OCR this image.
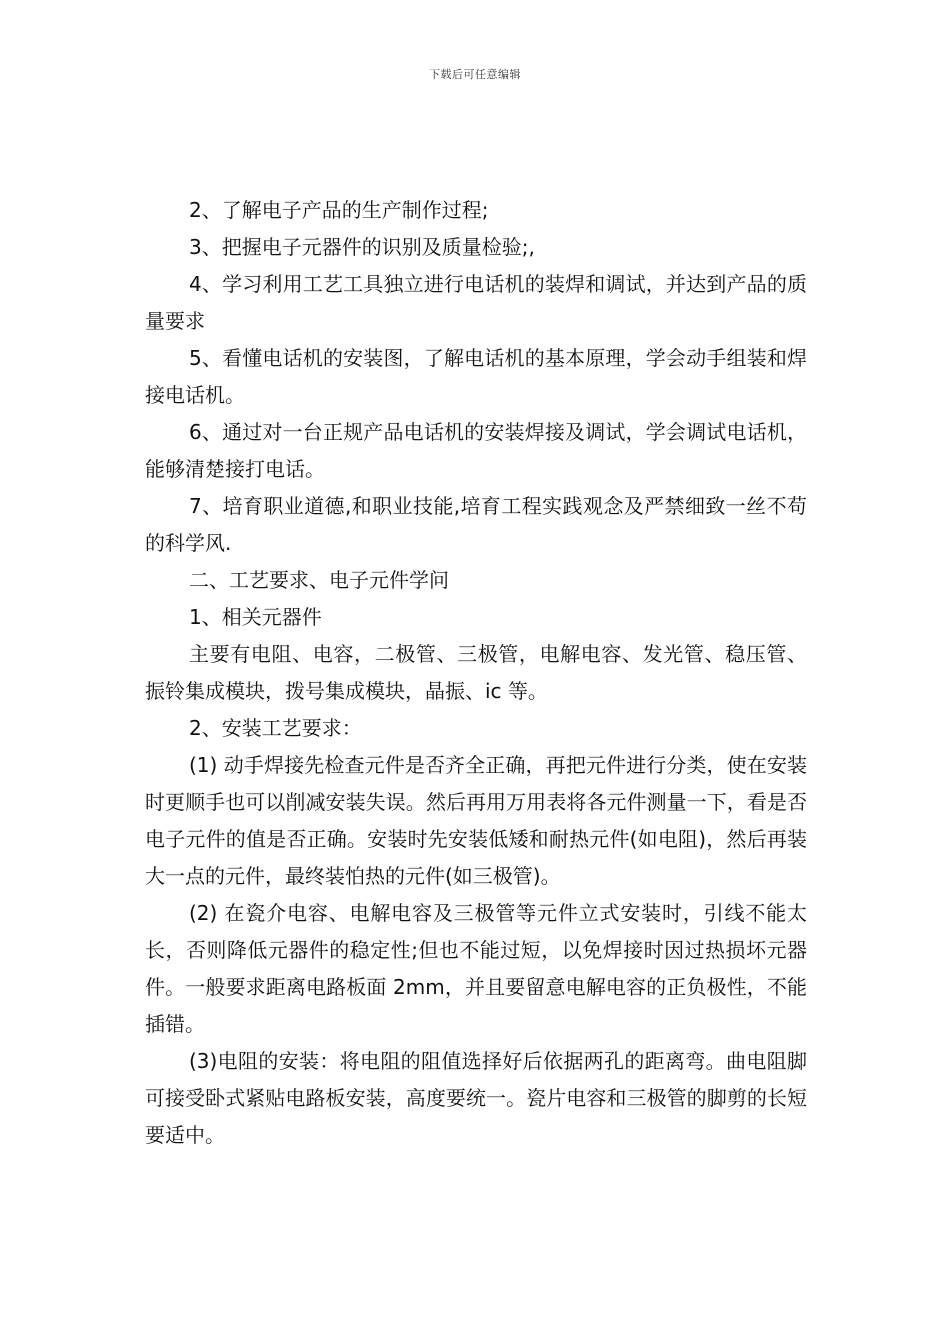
下载后可任意编辑

2、了解电子产品的生产制作过程;

3、把握电子元器件的识别及质量检验;,

4、学习利用工艺工具独立进行电话机的装焊和调试，并达到产品的质量要求

5、看懂电话机的安装图，了解电话机的基本原理，学会动手组装和焊接电话机。

6、通过对一台正规产品电话机的安装焊接及调试，学会调试电话机，能够清楚接打电话。

7、培育职业道德,和职业技能,培育工程实践观念及严禁细致一丝不苟的科学风.

二、工艺要求、电子元件学问

1、相关元器件

主要有电阻、电容，二极管、三极管，电解电容、发光管、稳压管、振铃集成模块，拨号集成模块，晶振、ic 等。

2、安装工艺要求：

(1) 动手焊接先检查元件是否齐全正确，再把元件进行分类，使在安装时更顺手也可以削减安装失误。然后再用万用表将各元件测量一下，看是否电子元件的值是否正确。安装时先安装低矮和耐热元件(如电阻)，然后再装大一点的元件，最终装怕热的元件(如三极管)。

(2) 在瓷介电容、电解电容及三极管等元件立式安装时，引线不能太长，否则降低元器件的稳定性;但也不能过短，以免焊接时因过热损坏元器件。一般要求距离电路板面 2mm，并且要留意电解电容的正负极性，不能插错。

(3)电阻的安装：将电阻的阻值选择好后依据两孔的距离弯。曲电阻脚可接受卧式紧贴电路板安装，高度要统一。瓷片电容和三极管的脚剪的长短要适中。
